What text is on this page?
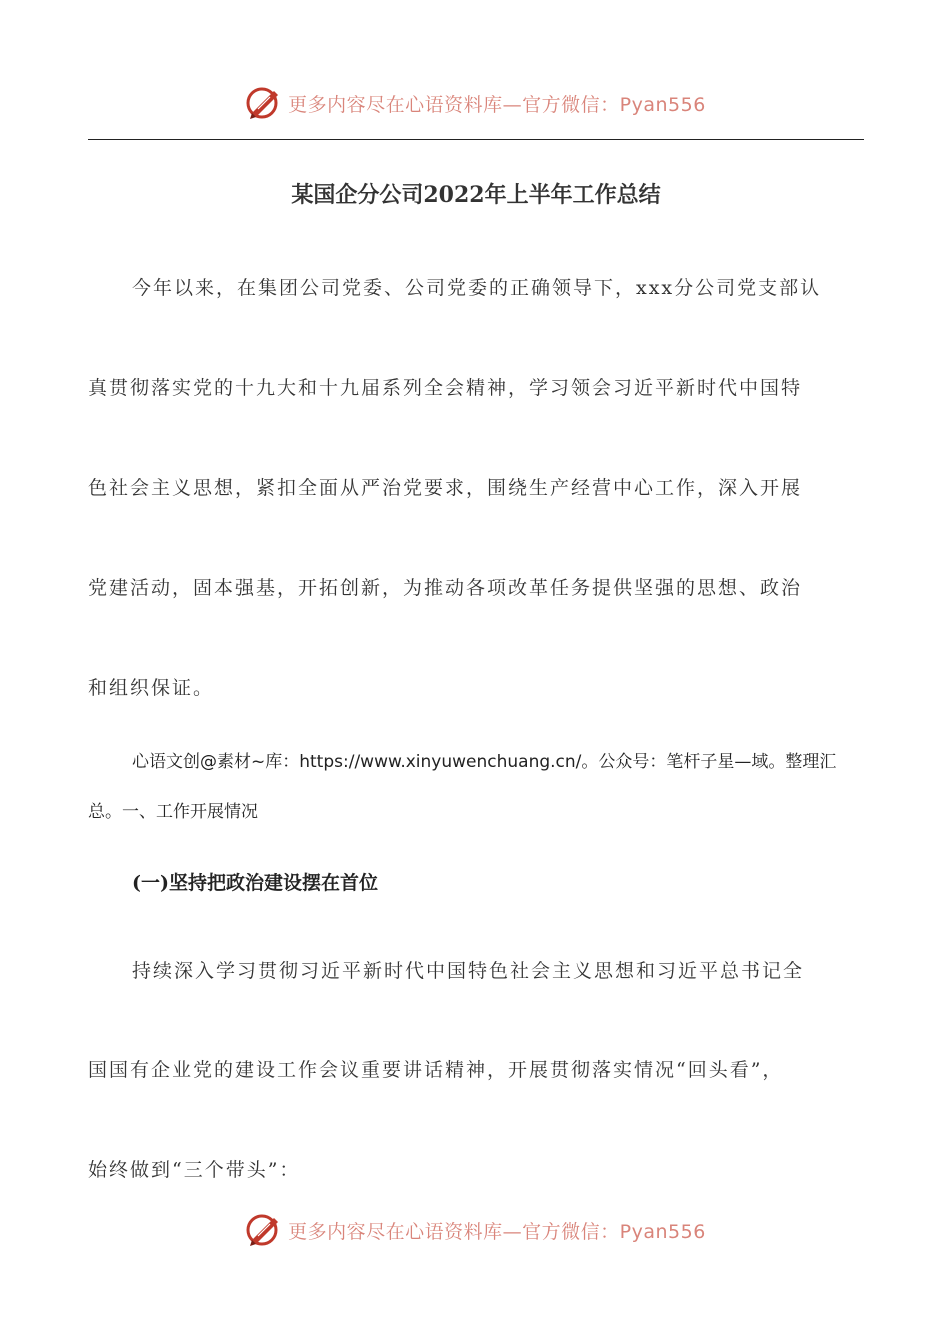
更多内容尽在心语资料库—官方微信：Pyan556
某国企分公司2022年上半年工作总结

今年以来，在集团公司党委、公司党委的正确领导下，xxx分公司党支部认

真贯彻落实党的十九大和十九届系列全会精神，学习领会习近平新时代中国特

色社会主义思想，紧扣全面从严治党要求，围绕生产经营中心工作，深入开展

党建活动，固本强基，开拓创新，为推动各项改革任务提供坚强的思想、政治

和组织保证。

心语文创@素材~库：https://www.xinyuwenchuang.cn/。公众号：笔杆子星—域。整理汇

总。一、工作开展情况

(一)坚持把政治建设摆在首位

持续深入学习贯彻习近平新时代中国特色社会主义思想和习近平总书记全

国国有企业党的建设工作会议重要讲话精神，开展贯彻落实情况“回头看”，

始终做到“三个带头”：

更多内容尽在心语资料库—官方微信：Pyan556
